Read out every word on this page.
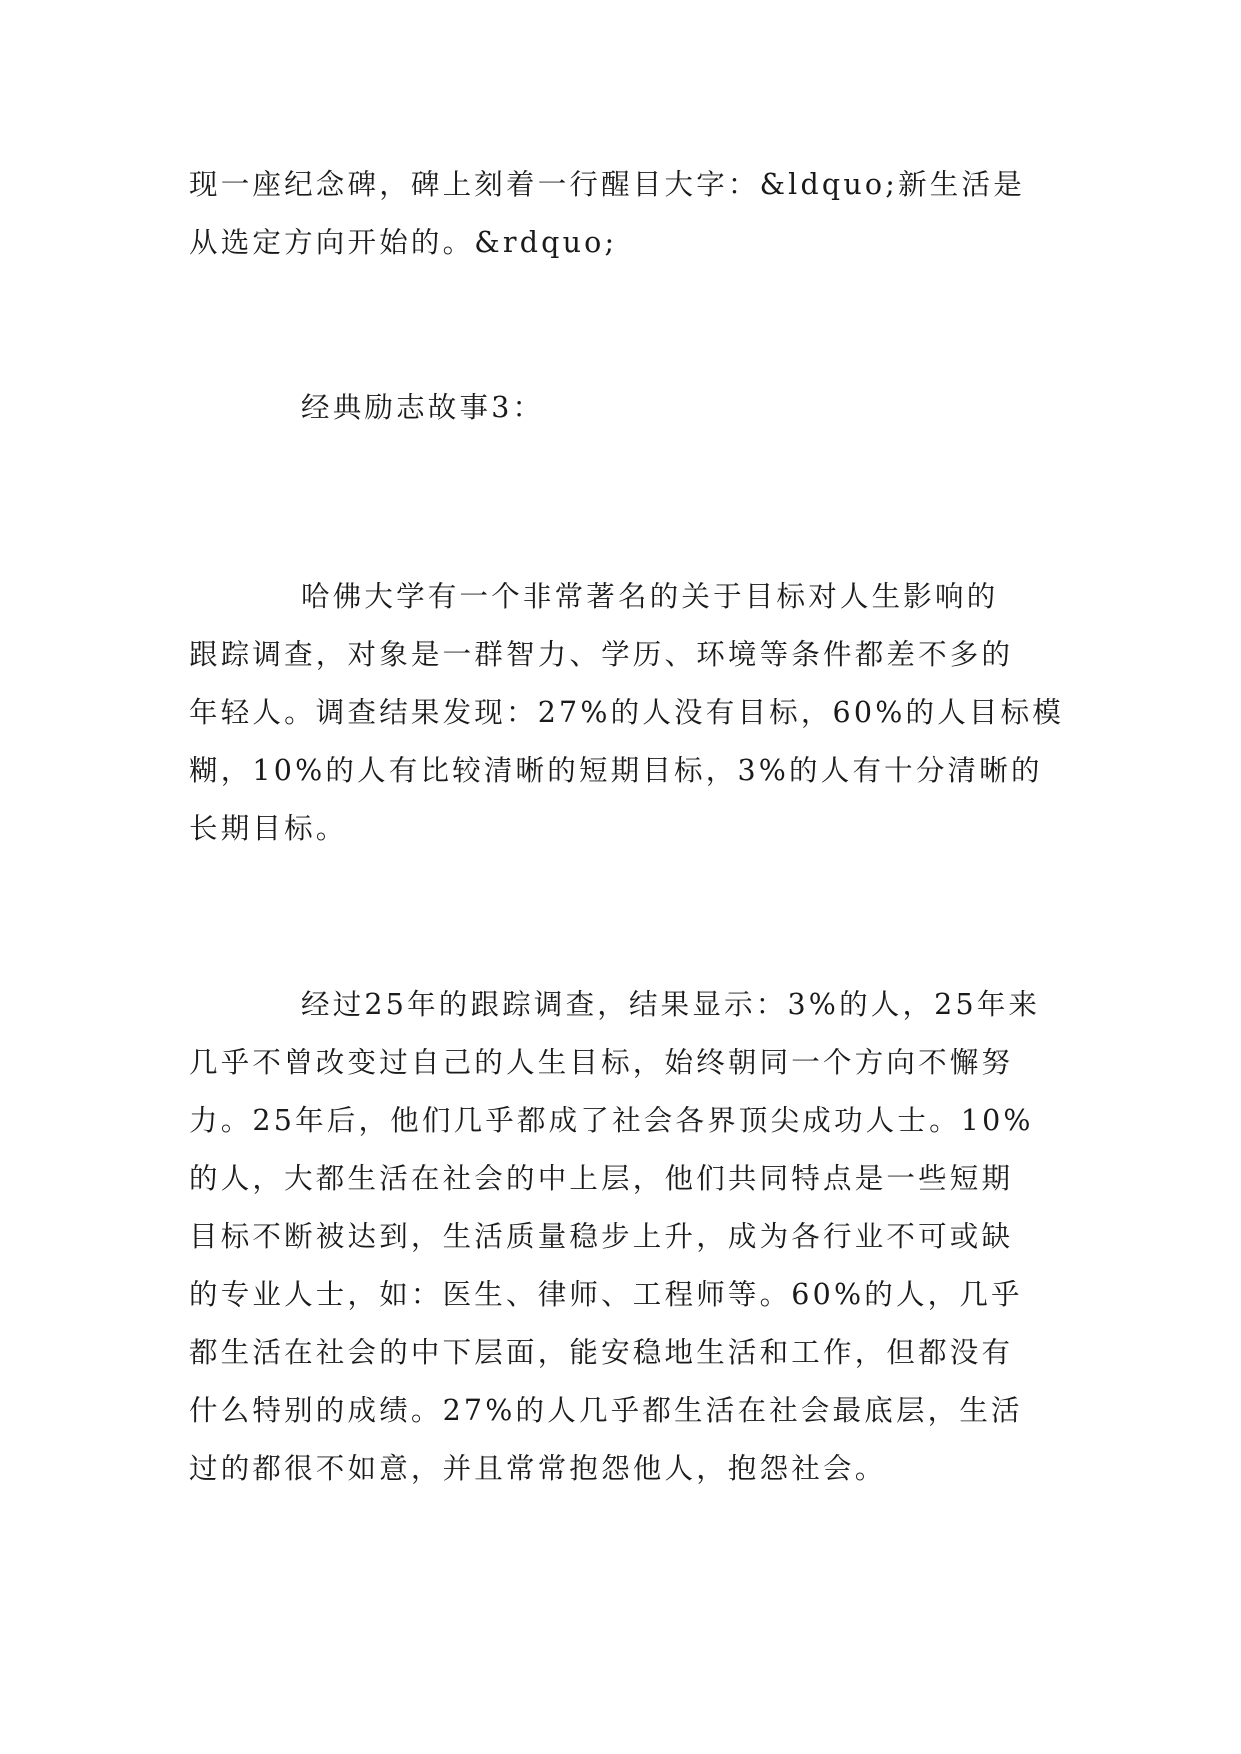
现一座纪念碑，碑上刻着一行醒目大字：&ldquo;新生活是
从选定方向开始的。&rdquo;
经典励志故事3：
哈佛大学有一个非常著名的关于目标对人生影响的
跟踪调查，对象是一群智力、学历、环境等条件都差不多的
年轻人。调查结果发现：27%的人没有目标，60%的人目标模
糊，10%的人有比较清晰的短期目标，3%的人有十分清晰的
长期目标。
经过25年的跟踪调查，结果显示：3%的人，25年来
几乎不曾改变过自己的人生目标，始终朝同一个方向不懈努
力。25年后，他们几乎都成了社会各界顶尖成功人士。10%
的人，大都生活在社会的中上层，他们共同特点是一些短期
目标不断被达到，生活质量稳步上升，成为各行业不可或缺
的专业人士，如：医生、律师、工程师等。60%的人，几乎
都生活在社会的中下层面，能安稳地生活和工作，但都没有
什么特别的成绩。27%的人几乎都生活在社会最底层，生活
过的都很不如意，并且常常抱怨他人，抱怨社会。
